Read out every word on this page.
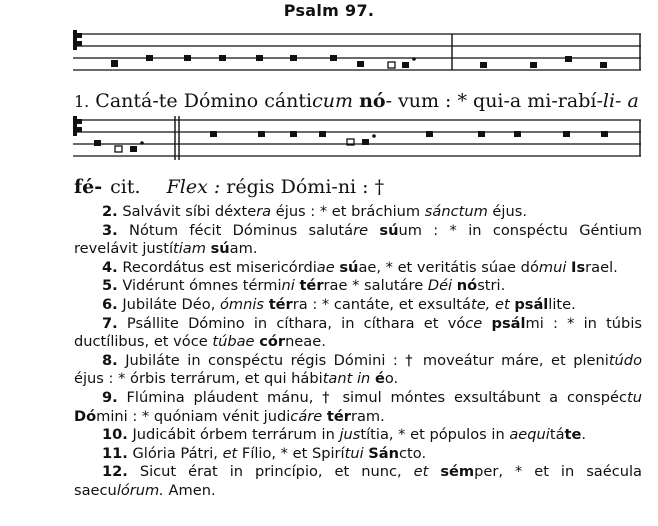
Psalm 97.
1. Cantá-te Dómino cánticum nó- vum : * qui-a mi-rabí-li- a
fé- cit. Flex : régis Dómi-ni : †

2. Salvávit síbi déxtera éjus : * et bráchium sánctum éjus.

3. Nótum fécit Dóminus salutáre súum : * in conspéctu Géntium revelávit justítiam súam.

4. Recordátus est misericórdiae súae, * et veritátis súae dómui Israel.

5. Vidérunt ómnes términi térrae * salutáre Déi nóstri.

6. Jubiláte Déo, ómnis térra : * cantáte, et exsultáte, et psállite.

7. Psállite Dómino in cíthara, in cíthara et vóce psálmi : * in túbis ductílibus, et vóce túbae córneae.

8. Jubiláte in conspéctu régis Dómini : † moveátur máre, et plenitúdo éjus : * órbis terrárum, et qui hábitant in éo.

9. Flúmina pláudent mánu, † simul móntes exsultábunt a conspéctu Dómini : * quóniam vénit judicáre térram.

10. Judicábit órbem terrárum in justítia, * et pópulos in aequitáte.

11. Glória Pátri, et Fílio, * et Spirítui Sáncto.

12. Sicut érat in princípio, et nunc, et sémper, * et in saécula saeculórum. Amen.
